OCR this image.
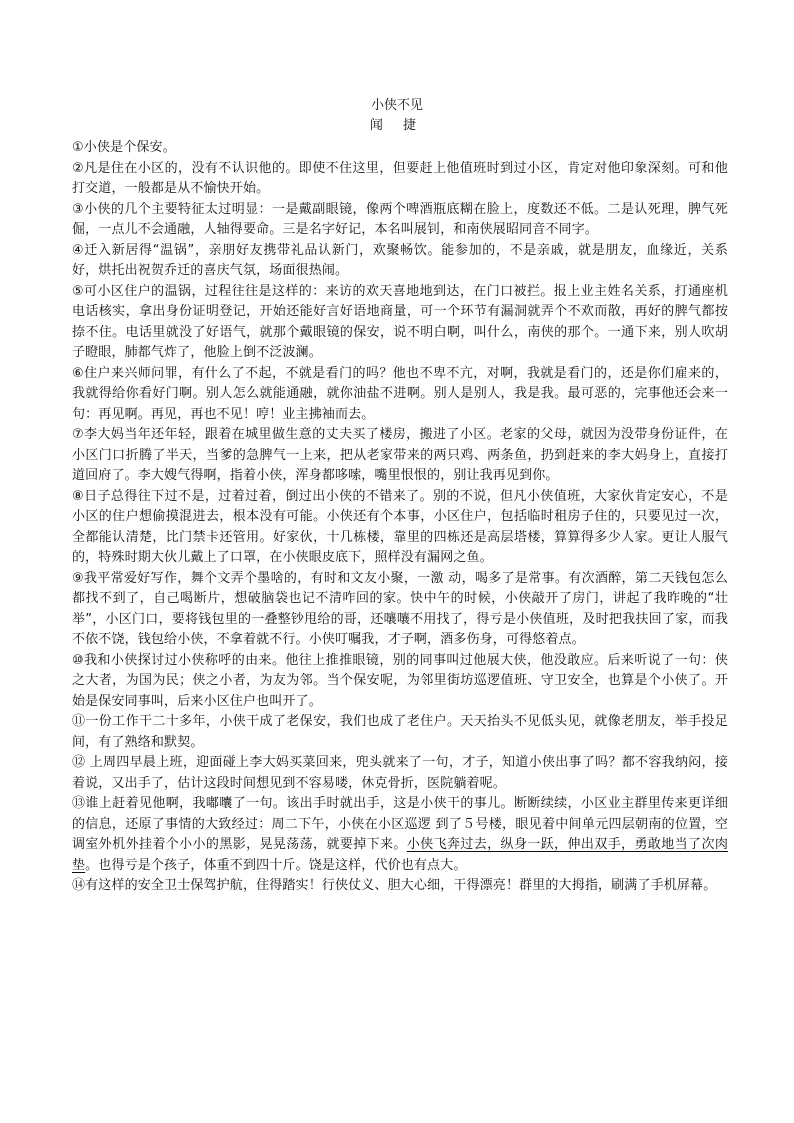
小侠不见
闻 捷

①小侠是个保安。

②凡是住在小区的，没有不认识他的。即使不住这里，但要赶上他值班时到过小区，肯定对他印象深刻。可和他打交道，一般都是从不愉快开始。

③小侠的几个主要特征太过明显：一是戴副眼镜，像两个啤酒瓶底糊在脸上，度数还不低。二是认死理，脾气死倔，一点儿不会通融，人轴得要命。三是名字好记，本名叫展钊，和南侠展昭同音不同字。

④迁入新居得“温锅”，亲朋好友携带礼品认新门，欢聚畅饮。能参加的，不是亲戚，就是朋友，血缘近，关系好，烘托出祝贺乔迁的喜庆气氛，场面很热闹。

⑤可小区住户的温锅，过程往往是这样的：来访的欢天喜地地到达，在门口被拦。报上业主姓名关系，打通座机电话核实，拿出身份证明登记，开始还能好言好语地商量，可一个环节有漏洞就弄个不欢而散，再好的脾气都按捺不住。电话里就没了好语气，就那个戴眼镜的保安，说不明白啊，叫什么，南侠的那个。一通下来，别人吹胡子瞪眼，肺都气炸了，他脸上倒不泛波澜。

⑥住户来兴师问罪，有什么了不起，不就是看门的吗？他也不卑不亢，对啊，我就是看门的，还是你们雇来的，我就得给你看好门啊。别人怎么就能通融，就你油盐不进啊。别人是别人，我是我。最可恶的，完事他还会来一句：再见啊。再见，再也不见！哼！业主拂袖而去。

⑦李大妈当年还年轻，跟着在城里做生意的丈夫买了楼房，搬进了小区。老家的父母，就因为没带身份证件，在小区门口折腾了半天，当爹的急脾气一上来，把从老家带来的两只鸡、两条鱼，扔到赶来的李大妈身上，直接打道回府了。李大嫂气得啊，指着小侠，浑身都哆嗦，嘴里恨恨的，别让我再见到你。

⑧日子总得往下过不是，过着过着，倒过出小侠的不错来了。别的不说，但凡小侠值班，大家伙肯定安心，不是小区的住户想偷摸混进去，根本没有可能。小侠还有个本事，小区住户，包括临时租房子住的，只要见过一次，全都能认清楚，比门禁卡还管用。好家伙，十几栋楼，靠里的四栋还是高层塔楼，算算得多少人家。更让人服气的，特殊时期大伙儿戴上了口罩，在小侠眼皮底下，照样没有漏网之鱼。

⑨我平常爱好写作，舞个文弄个墨啥的，有时和文友小聚，一激 动，喝多了是常事。有次酒醉，第二天钱包怎么都找不到了，自己喝断片，想破脑袋也记不清咋回的家。快中午的时候，小侠敲开了房门，讲起了我昨晚的“壮举”，小区门口，要将钱包里的一叠整钞甩给的哥，还嚷嚷不用找了，得亏是小侠值班，及时把我扶回了家，而我不依不饶，钱包给小侠，不拿着就不行。小侠叮嘱我，才子啊，酒多伤身，可得悠着点。

⑩我和小侠探讨过小侠称呼的由来。他往上推推眼镜，别的同事叫过他展大侠，他没敢应。后来听说了一句：侠之大者，为国为民；侠之小者，为友为邻。当个保安呢，为邻里街坊巡逻值班、守卫安全，也算是个小侠了。开始是保安同事叫，后来小区住户也叫开了。

⑪一份工作干二十多年，小侠干成了老保安，我们也成了老住户。天天抬头不见低头见，就像老朋友，举手投足间，有了熟络和默契。

⑫ 上周四早晨上班，迎面碰上李大妈买菜回来，兜头就来了一句，才子，知道小侠出事了吗？都不容我纳闷，接着说，又出手了，估计这段时间想见到不容易喽，休克骨折，医院躺着呢。

⑬谁上赶着见他啊，我嘟囔了一句。该出手时就出手，这是小侠干的事儿。断断续续，小区业主群里传来更详细的信息，还原了事情的大致经过：周二下午，小侠在小区巡逻 到了５号楼，眼见着中间单元四层朝南的位置，空调室外机外挂着个小小的黑影，晃晃荡荡，就要掉下来。小侠飞奔过去，纵身一跃，伸出双手，勇敢地当了次肉垫。也得亏是个孩子，体重不到四十斤。饶是这样，代价也有点大。

⑭有这样的安全卫士保驾护航，住得踏实！行侠仗义、胆大心细，干得漂亮！群里的大拇指，刷满了手机屏幕。
